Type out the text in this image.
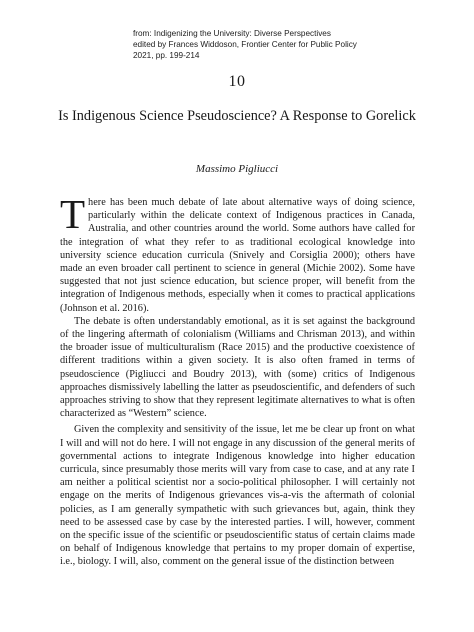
from: Indigenizing the University: Diverse Perspectives
edited by Frances Widdoson, Frontier Center for Public Policy
2021, pp. 199-214
10
Is Indigenous Science Pseudoscience? A Response to Gorelick
Massimo Pigliucci

T here has been much debate of late about alternative ways of doing science, particularly within the delicate context of Indigenous practices in Canada, Australia, and other countries around the world. Some authors have called for the integration of what they refer to as traditional ecological knowledge into university science education curricula (Snively and Corsiglia 2000); others have made an even broader call pertinent to science in general (Michie 2002). Some have suggested that not just science education, but science proper, will benefit from the integration of Indigenous methods, especially when it comes to practical applications (Johnson et al. 2016).

The debate is often understandably emotional, as it is set against the background of the lingering aftermath of colonialism (Williams and Chrisman 2013), and within the broader issue of multiculturalism (Race 2015) and the productive coexistence of different traditions within a given society. It is also often framed in terms of pseudoscience (Pigliucci and Boudry 2013), with (some) critics of Indigenous approaches dismissively labelling the latter as pseudoscientific, and defenders of such approaches striving to show that they represent legitimate alternatives to what is often characterized as “Western” science.

Given the complexity and sensitivity of the issue, let me be clear up front on what I will and will not do here. I will not engage in any discussion of the general merits of governmental actions to integrate Indigenous knowledge into higher education curricula, since presumably those merits will vary from case to case, and at any rate I am neither a political scientist nor a socio-political philosopher. I will certainly not engage on the merits of Indigenous grievances vis-a-vis the aftermath of colonial policies, as I am generally sympathetic with such grievances but, again, think they need to be assessed case by case by the interested parties. I will, however, comment on the specific issue of the scientific or pseudoscientific status of certain claims made on behalf of Indigenous knowledge that pertains to my proper domain of expertise, i.e., biology. I will, also, comment on the general issue of the distinction between
